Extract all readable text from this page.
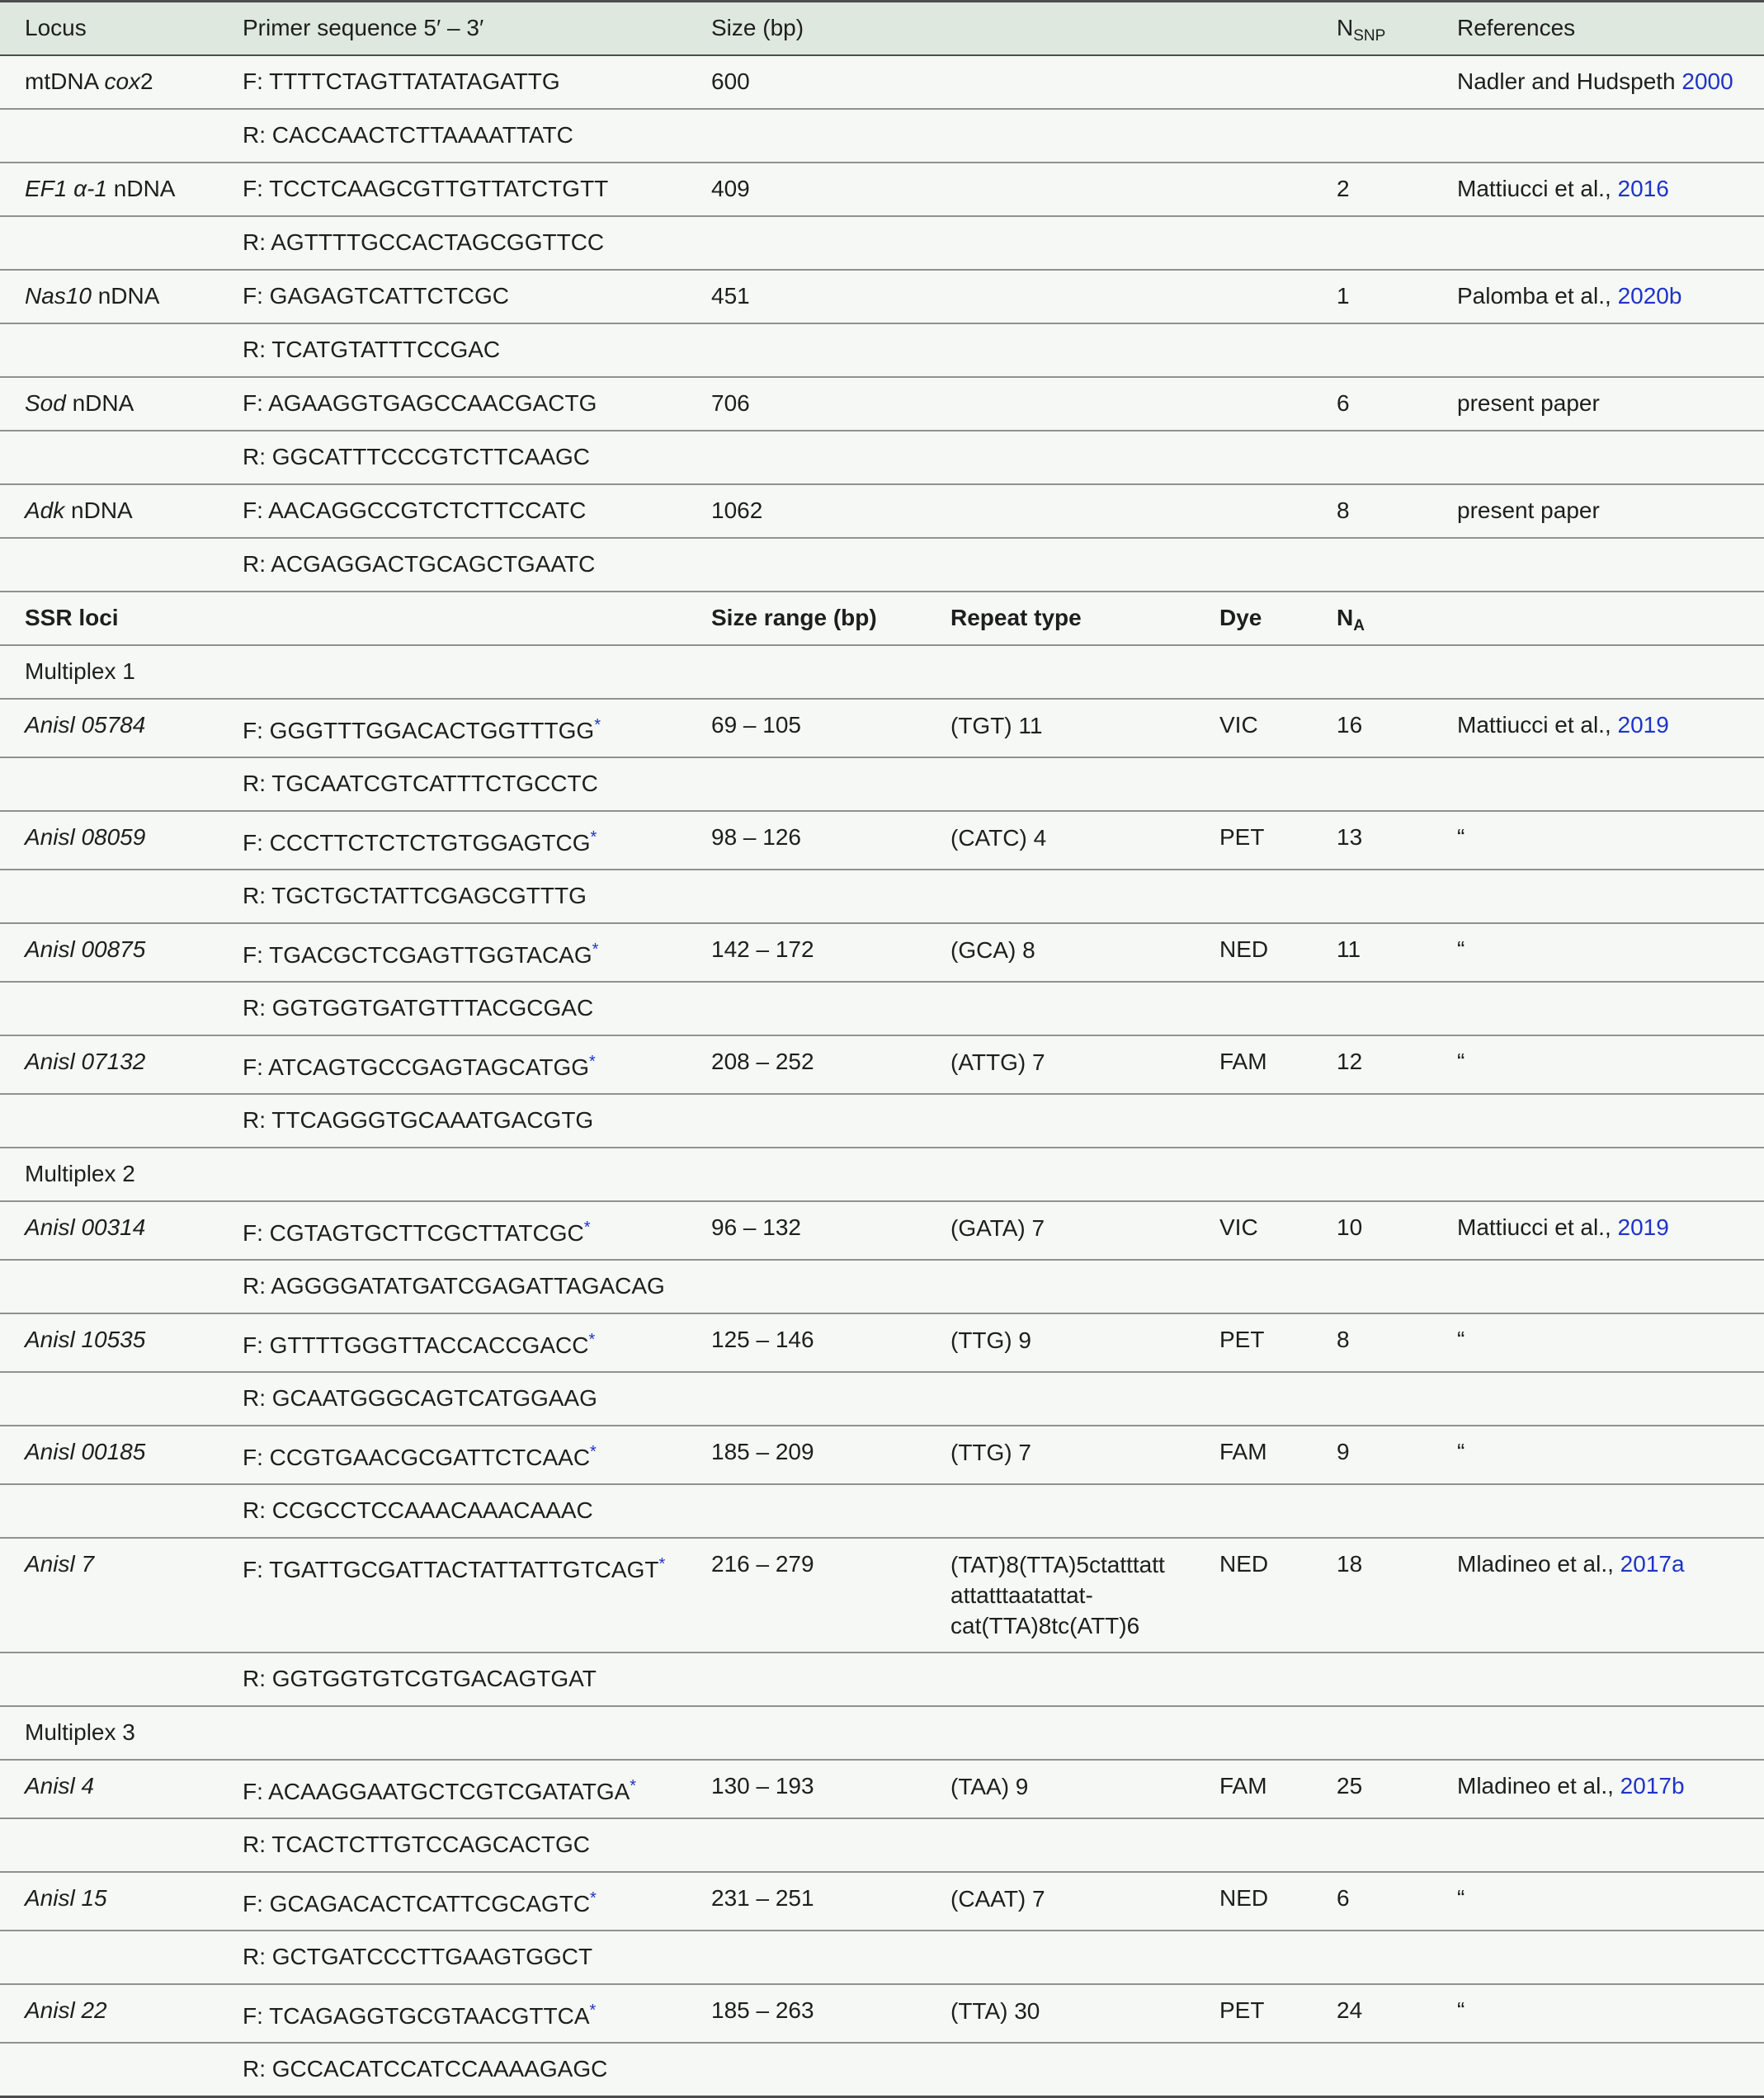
Locus	Primer sequence 5′ – 3′	Size (bp)			$N_{SNP}$	References
mtDNA cox2	F: TTTTCTAGTTATATAGATTG	600				Nadler and Hudspeth 2000
	R: CACCAACTCTTAAAATTATC					
EF1 α-1 nDNA	F: TCCTCAAGCGTTGTTATCTGTT	409			2	Mattiucci et al., 2016
	R: AGTTTTGCCACTAGCGGTTCC					
Nas10 nDNA	F: GAGAGTCATTCTCGC	451			1	Palomba et al., 2020b
	R: TCATGTATTTCCGAC					
Sod nDNA	F: AGAAGGTGAGCCAACGACTG	706			6	present paper
	R: GGCATTTCCCGTCTTCAAGC					
Adk nDNA	F: AACAGGCCGTCTCTTCCATC	1062			8	present paper
	R: ACGAGGACTGCAGCTGAATC					
SSR loci		Size range (bp)	Repeat type	Dye	$N_A$	
Multiplex 1						
Anisl 05784	F: GGGTTTGGACACTGGTTTGG*	69 – 105	(TGT) 11	VIC	16	Mattiucci et al., 2019
	R: TGCAATCGTCATTTCTGCCTC					
Anisl 08059	F: CCCTTCTCTCTGTGGAGTCG*	98 – 126	(CATC) 4	PET	13	“
	R: TGCTGCTATTCGAGCGTTTG					
Anisl 00875	F: TGACGCTCGAGTTGGTACAG*	142 – 172	(GCA) 8	NED	11	“
	R: GGTGGTGATGTTTACGCGAC					
Anisl 07132	F: ATCAGTGCCGAGTAGCATGG*	208 – 252	(ATTG) 7	FAM	12	“
	R: TTCAGGGTGCAAATGACGTG					
Multiplex 2						
Anisl 00314	F: CGTAGTGCTTCGCTTATCGC*	96 – 132	(GATA) 7	VIC	10	Mattiucci et al., 2019
	R: AGGGGATATGATCGAGATTAGACAG					
Anisl 10535	F: GTTTTGGGTTACCACCGACC*	125 – 146	(TTG) 9	PET	8	“
	R: GCAATGGGCAGTCATGGAAG					
Anisl 00185	F: CCGTGAACGCGATTCTCAAC*	185 – 209	(TTG) 7	FAM	9	“
	R: CCGCCTCCAAACAAACAAAC					
Anisl 7	F: TGATTGCGATTACTATTATTGTCAGT*	216 – 279	(TAT)8(TTA)5ctatttatt attatttaatattat-cat(TTA)8tc(ATT)6	NED	18	Mladineo et al., 2017a
	R: GGTGGTGTCGTGACAGTGAT					
Multiplex 3						
Anisl 4	F: ACAAGGAATGCTCGTCGATATGA*	130 – 193	(TAA) 9	FAM	25	Mladineo et al., 2017b
	R: TCACTCTTGTCCAGCACTGC					
Anisl 15	F: GCAGACACTCATTCGCAGTC*	231 – 251	(CAAT) 7	NED	6	“
	R: GCTGATCCCTTGAAGTGGCT					
Anisl 22	F: TCAGAGGTGCGTAACGTTCA*	185 – 263	(TTA) 30	PET	24	“
	R: GCCACATCCATCCAAAAGAGC					
